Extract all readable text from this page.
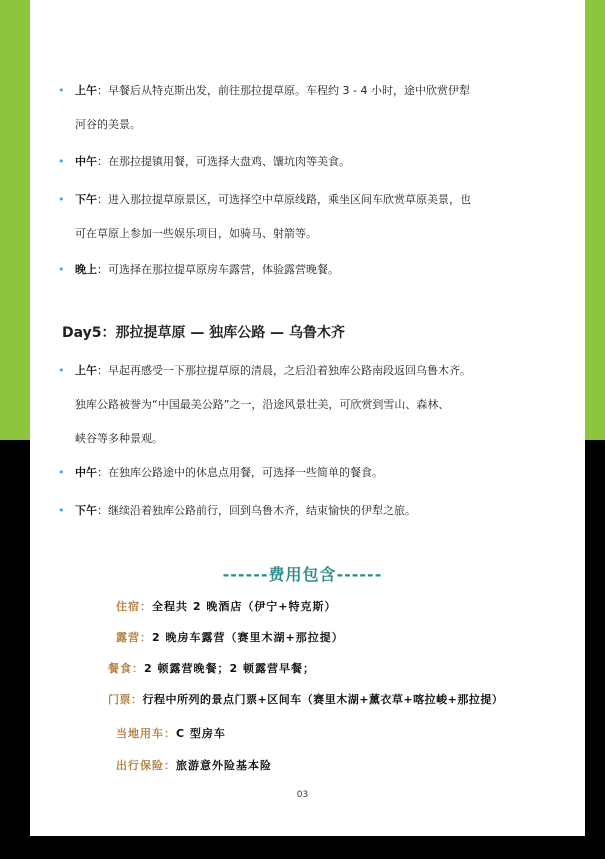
• 上午：早餐后从特克斯出发，前往那拉提草原。车程约 3 - 4 小时，途中欣赏伊犁
河谷的美景。
• 中午：在那拉提镇用餐，可选择大盘鸡、馕坑肉等美食。
• 下午：进入那拉提草原景区，可选择空中草原线路，乘坐区间车欣赏草原美景，也
可在草原上参加一些娱乐项目，如骑马、射箭等。
• 晚上：可选择在那拉提草原房车露营，体验露营晚餐。
Day5：那拉提草原 — 独库公路 — 乌鲁木齐
• 上午：早起再感受一下那拉提草原的清晨，之后沿着独库公路南段返回乌鲁木齐。
独库公路被誉为“中国最美公路”之一，沿途风景壮美，可欣赏到雪山、森林、
峡谷等多种景观。
• 中午：在独库公路途中的休息点用餐，可选择一些简单的餐食。
• 下午：继续沿着独库公路前行，回到乌鲁木齐，结束愉快的伊犁之旅。
------费用包含------
住宿：全程共 2 晚酒店（伊宁+特克斯）
露营：2 晚房车露营（赛里木湖+那拉提）
餐食：2 顿露营晚餐；2 顿露营早餐；
门票：行程中所列的景点门票+区间车（赛里木湖+薰衣草+喀拉峻+那拉提）
当地用车：C 型房车
出行保险：旅游意外险基本险
03
